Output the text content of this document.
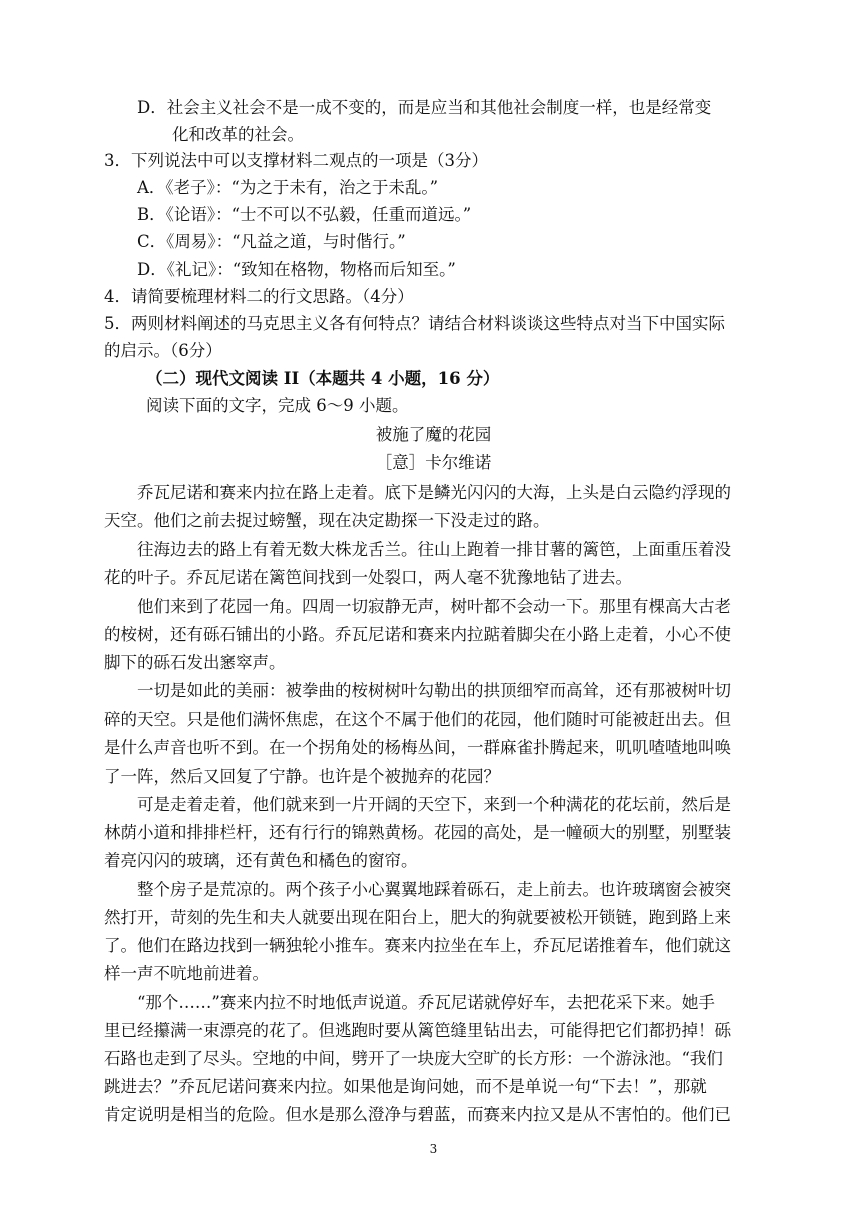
D．社会主义社会不是一成不变的，而是应当和其他社会制度一样，也是经常变
化和改革的社会。
3．下列说法中可以支撑材料二观点的一项是（3分）
A．《老子》：“为之于未有，治之于未乱。”
B．《论语》：“士不可以不弘毅，任重而道远。”
C．《周易》：“凡益之道，与时偕行。”
D．《礼记》：“致知在格物，物格而后知至。”
4．请简要梳理材料二的行文思路。（4分）
5．两则材料阐述的马克思主义各有何特点？请结合材料谈谈这些特点对当下中国实际
的启示。（6分）
（二）现代文阅读 II（本题共 4 小题，16 分）
阅读下面的文字，完成 6～9 小题。
被施了魔的花园
［意］卡尔维诺
乔瓦尼诺和赛来内拉在路上走着。底下是鳞光闪闪的大海，上头是白云隐约浮现的
天空。他们之前去捉过螃蟹，现在决定勘探一下没走过的路。
往海边去的路上有着无数大株龙舌兰。往山上跑着一排甘薯的篱笆，上面重压着没
花的叶子。乔瓦尼诺在篱笆间找到一处裂口，两人毫不犹豫地钻了进去。
他们来到了花园一角。四周一切寂静无声，树叶都不会动一下。那里有棵高大古老
的桉树，还有砾石铺出的小路。乔瓦尼诺和赛来内拉踮着脚尖在小路上走着，小心不使
脚下的砾石发出窸窣声。
一切是如此的美丽：被拳曲的桉树树叶勾勒出的拱顶细窄而高耸，还有那被树叶切
碎的天空。只是他们满怀焦虑，在这个不属于他们的花园，他们随时可能被赶出去。但
是什么声音也听不到。在一个拐角处的杨梅丛间，一群麻雀扑腾起来，叽叽喳喳地叫唤
了一阵，然后又回复了宁静。也许是个被抛弃的花园？
可是走着走着，他们就来到一片开阔的天空下，来到一个种满花的花坛前，然后是
林荫小道和排排栏杆，还有行行的锦熟黄杨。花园的高处，是一幢硕大的别墅，别墅装
着亮闪闪的玻璃，还有黄色和橘色的窗帘。
整个房子是荒凉的。两个孩子小心翼翼地踩着砾石，走上前去。也许玻璃窗会被突
然打开，苛刻的先生和夫人就要出现在阳台上，肥大的狗就要被松开锁链，跑到路上来
了。他们在路边找到一辆独轮小推车。赛来内拉坐在车上，乔瓦尼诺推着车，他们就这
样一声不吭地前进着。
“那个……”赛来内拉不时地低声说道。乔瓦尼诺就停好车，去把花采下来。她手
里已经攥满一束漂亮的花了。但逃跑时要从篱笆缝里钻出去，可能得把它们都扔掉！砾
石路也走到了尽头。空地的中间，劈开了一块庞大空旷的长方形：一个游泳池。“我们
跳进去？”乔瓦尼诺问赛来内拉。如果他是询问她，而不是单说一句“下去！”，那就
肯定说明是相当的危险。但水是那么澄净与碧蓝，而赛来内拉又是从不害怕的。他们已
3
